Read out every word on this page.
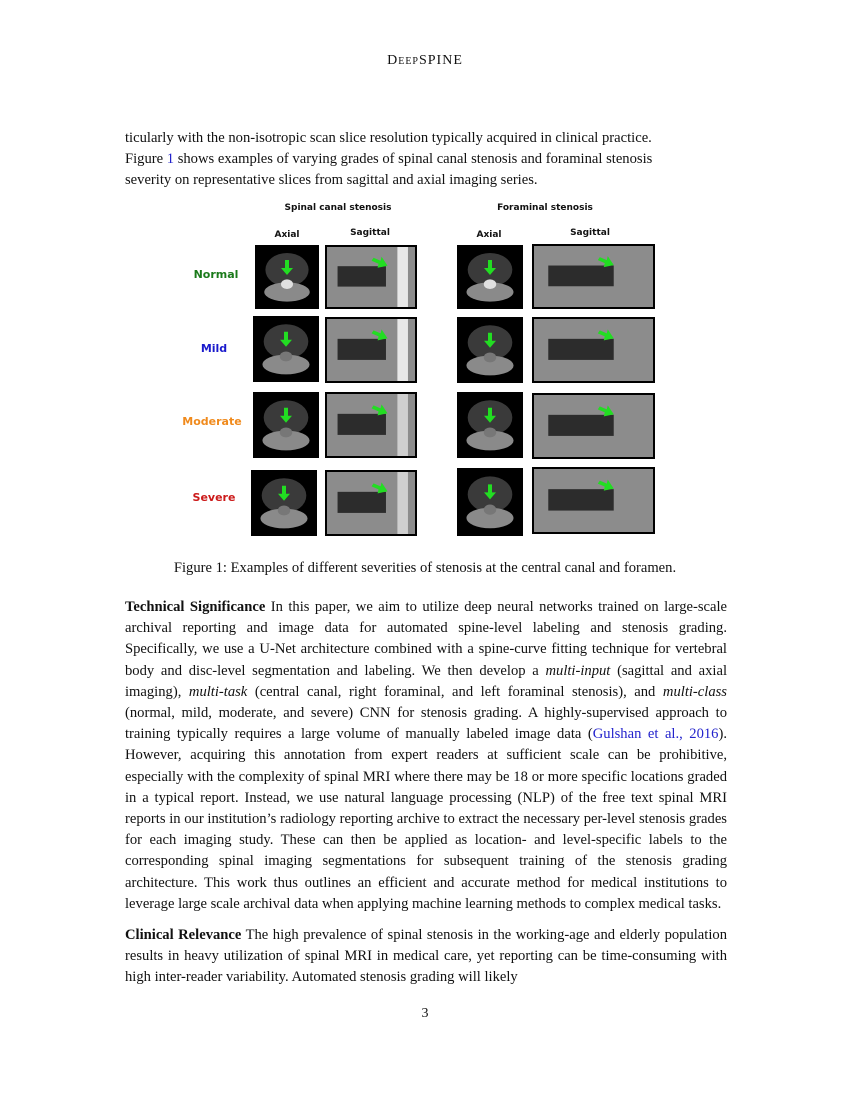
DeepSPINE

ticularly with the non-isotropic scan slice resolution typically acquired in clinical practice.
Figure 1 shows examples of varying grades of spinal canal stenosis and foraminal stenosis
severity on representative slices from sagittal and axial imaging series.

Spinal canal stenosis	Foraminal stenosis
Axial	Sagittal	Axial	Sagittal
Normal
Mild
Moderate
Severe
Figure 1: Examples of different severities of stenosis at the central canal and foramen.

Technical Significance In this paper, we aim to utilize deep neural networks trained on large-scale archival reporting and image data for automated spine-level labeling and stenosis grading. Specifically, we use a U-Net architecture combined with a spine-curve fitting technique for vertebral body and disc-level segmentation and labeling. We then develop a multi-input (sagittal and axial imaging), multi-task (central canal, right foraminal, and left foraminal stenosis), and multi-class (normal, mild, moderate, and severe) CNN for stenosis grading. A highly-supervised approach to training typically requires a large volume of manually labeled image data (Gulshan et al., 2016). However, acquiring this annotation from expert readers at sufficient scale can be prohibitive, especially with the complexity of spinal MRI where there may be 18 or more specific locations graded in a typical report. Instead, we use natural language processing (NLP) of the free text spinal MRI reports in our institution’s radiology reporting archive to extract the necessary per-level stenosis grades for each imaging study. These can then be applied as location- and level-specific labels to the corresponding spinal imaging segmentations for subsequent training of the stenosis grading architecture. This work thus outlines an efficient and accurate method for medical institutions to leverage large scale archival data when applying machine learning methods to complex medical tasks.

Clinical Relevance The high prevalence of spinal stenosis in the working-age and elderly population results in heavy utilization of spinal MRI in medical care, yet reporting can be time-consuming with high inter-reader variability. Automated stenosis grading will likely

3
